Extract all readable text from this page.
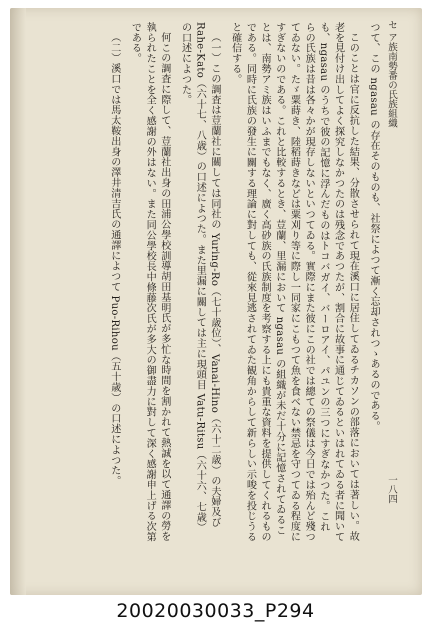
セ ア族南勢番の氏族組織
一八四

つて、この ngasau の存在そのものも、社祭によつて漸く忘却されつゝあるのである。

このことは官に反抗した結果、分散させられて現在溪口に居住してゐるチカソンの部落においては著しい。故老を見付け出してよく探究しなかつたのは残念であつたが、割合に故事に通じてゐるといはれてゐる者に聞いても、ngasau のうちで彼の記憶に浮んだものはトコバガイ、バーロアイ、パユンの三つにすぎなかつた。これらの氏族は昔は各々かが現存しないといつてゐる。實際にまた彼にこの社では總ての祭儀は今日では殆んど殘つてゐない。たゞ粟蒔き、陸稻蒔きなどは粟刈り等に際し一同家にこもつて魚を食べない禁忌を守つてゐる程度にすぎないのである。これと比較するとき、荳蘭、里漏において ngasau の組織が未だ十分に記憶されてゐることは、南勢アミ族はいふまでもなく、廣く高砂族の氏族制度を考察する上にも貴重な資料を提供してくれるものである。同時に氏族の發生に關する理論に對しても、從來見逃されてゐた観角からして新らしい示唆を投じうると確信する。

（一）この調査は荳蘭社に關しては同社の Yuring-Ro（七十歳位）、Vanai-Hino（六十二歳）の夫婦及び Rahe-Kato（六十七、八歳）の口述によつた。また里漏に關しては主に現頭目 Vatu-Ritsu（六十六、七歳）の口述によつた。

何この調査に際して、荳蘭社出身の田浦公學校訓導胡田基明氏が多忙な時間を割かれて熱誠を以て通譯の勞を執られたことを全く感謝の外はない。また同公學校長中條藤次氏が多大の御盡力に對して深く感謝申上げる次第である。

（二）溪口では馬太鞍出身の澤井清吉氏の通譯によつて Puo-Rihou（五十歳）の口述によつた。

20020030033_P294
